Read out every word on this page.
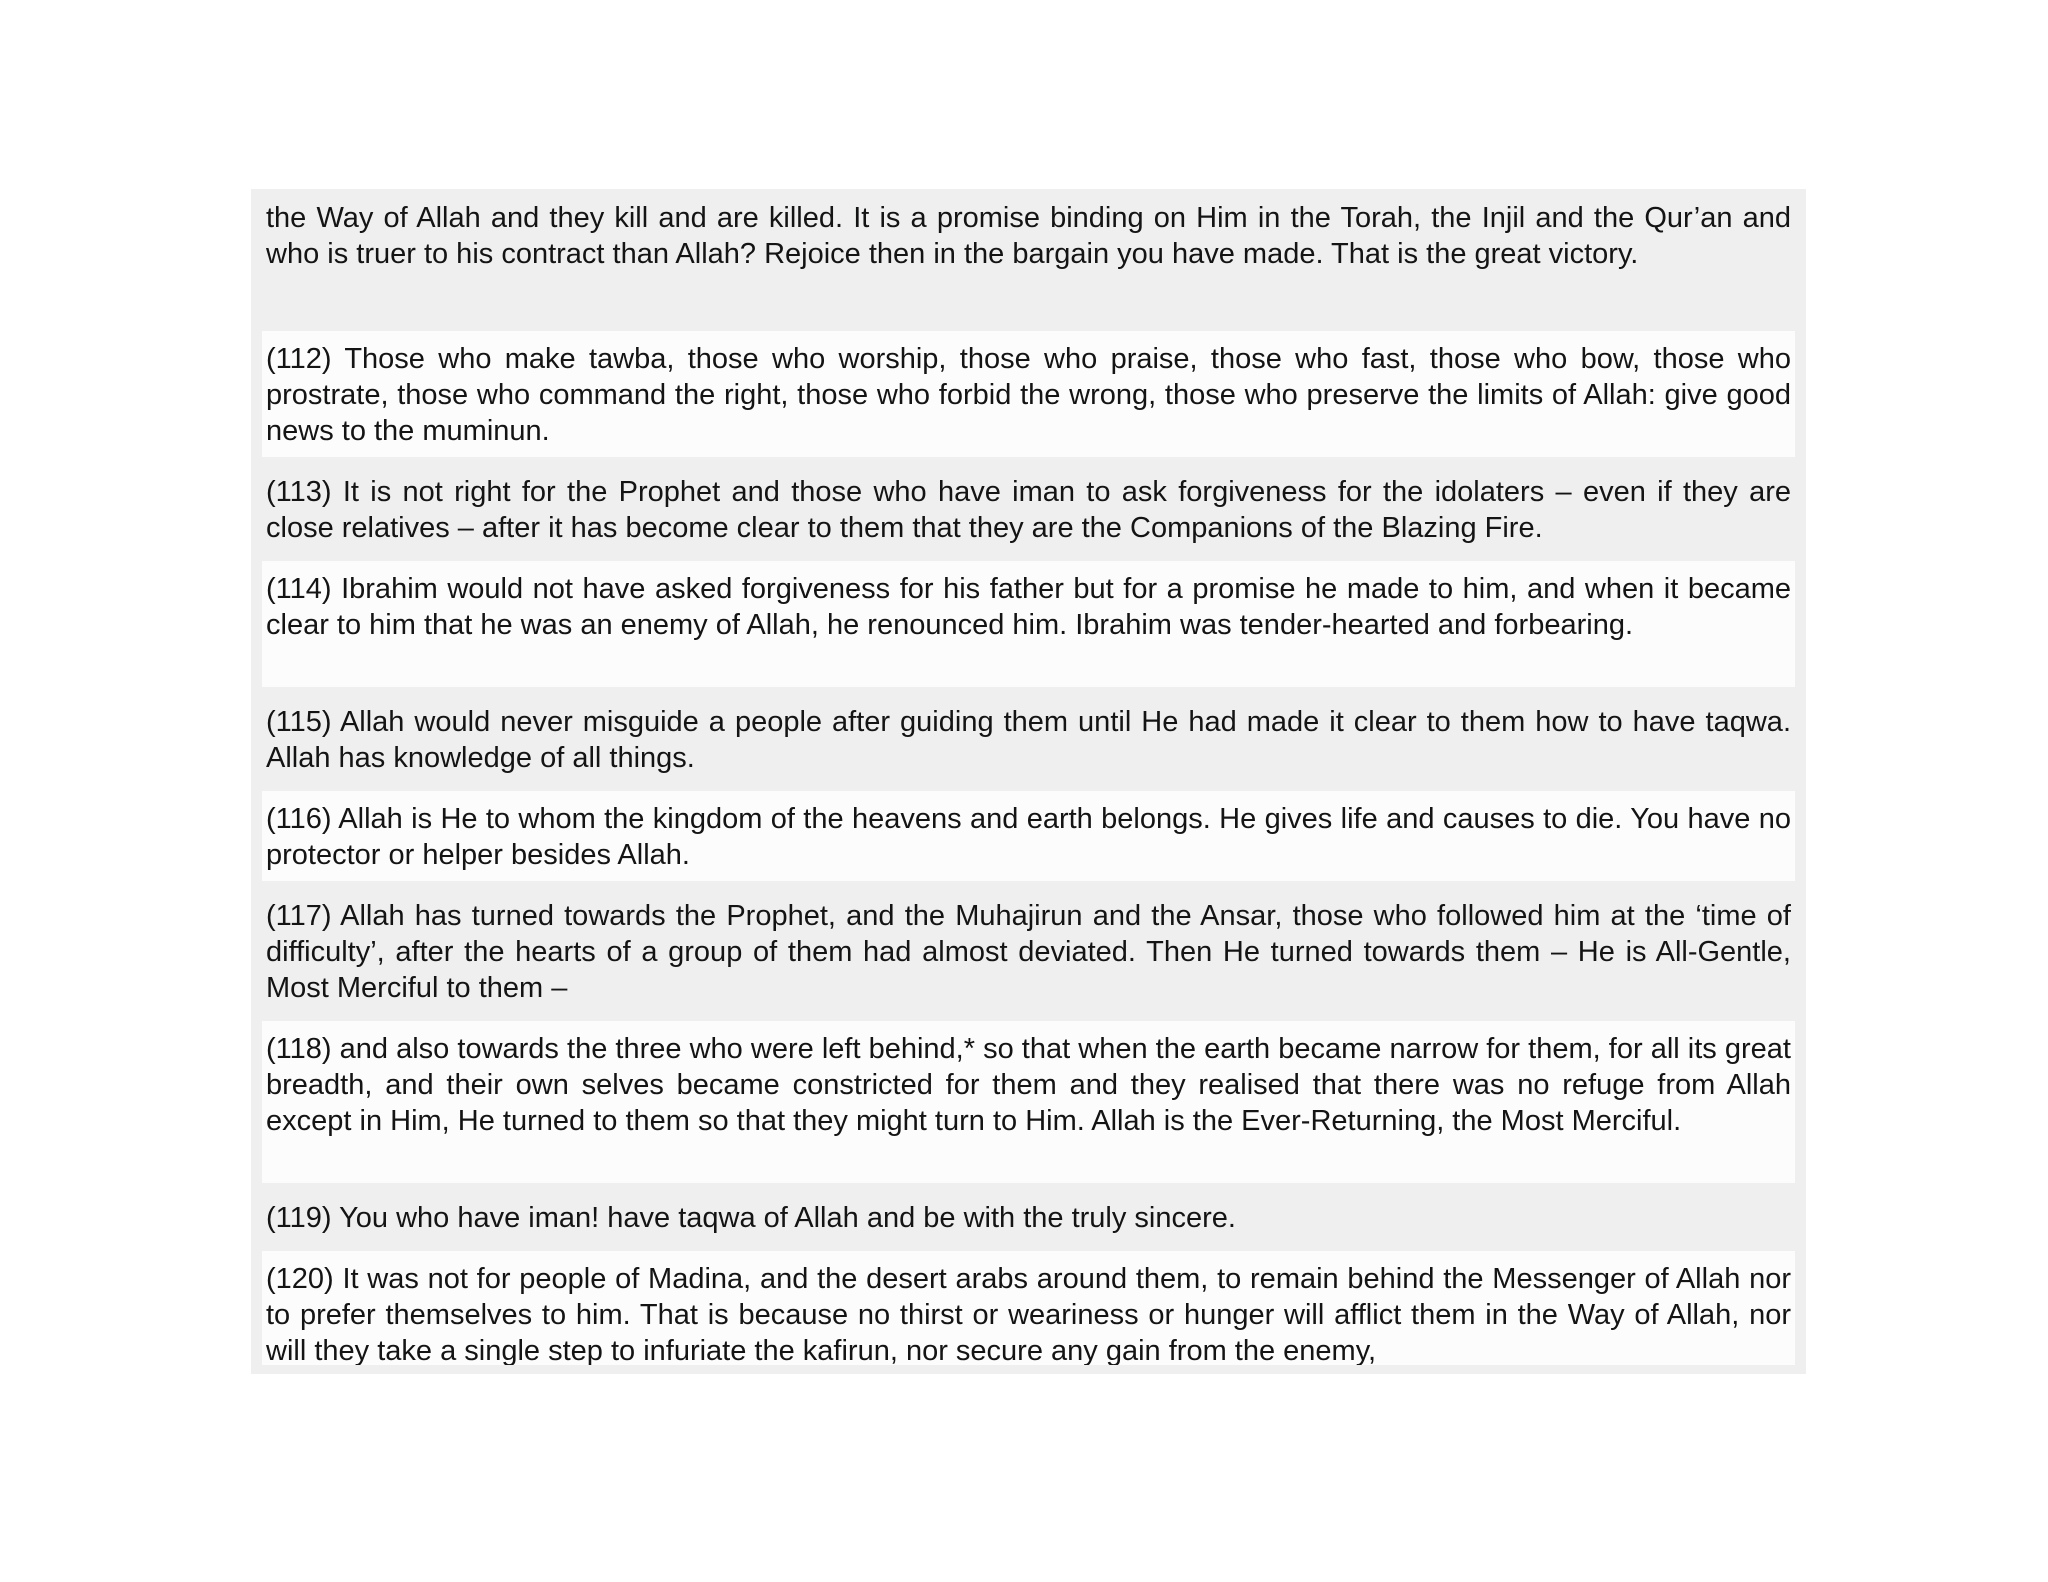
the Way of Allah and they kill and are killed. It is a promise binding on Him in the Torah, the Injil and the Qur’an and who is truer to his contract than Allah? Rejoice then in the bargain you have made. That is the great victory.

(112) Those who make tawba, those who worship, those who praise, those who fast, those who bow, those who prostrate, those who command the right, those who forbid the wrong, those who preserve the limits of Allah: give good news to the muminun.

(113) It is not right for the Prophet and those who have iman to ask forgiveness for the idolaters – even if they are close relatives – after it has become clear to them that they are the Companions of the Blazing Fire.

(114) Ibrahim would not have asked forgiveness for his father but for a promise he made to him, and when it became clear to him that he was an enemy of Allah, he renounced him. Ibrahim was tender-hearted and forbearing.

(115) Allah would never misguide a people after guiding them until He had made it clear to them how to have taqwa. Allah has knowledge of all things.

(116) Allah is He to whom the kingdom of the heavens and earth belongs. He gives life and causes to die. You have no protector or helper besides Allah.

(117) Allah has turned towards the Prophet, and the Muhajirun and the Ansar, those who followed him at the ‘time of difficulty’, after the hearts of a group of them had almost deviated. Then He turned towards them – He is All-Gentle, Most Merciful to them –

(118) and also towards the three who were left behind,* so that when the earth became narrow for them, for all its great breadth, and their own selves became constricted for them and they realised that there was no refuge from Allah except in Him, He turned to them so that they might turn to Him. Allah is the Ever-Returning, the Most Merciful.

(119) You who have iman! have taqwa of Allah and be with the truly sincere.

(120) It was not for people of Madina, and the desert arabs around them, to remain behind the Messenger of Allah nor to prefer themselves to him. That is because no thirst or weariness or hunger will afflict them in the Way of Allah, nor will they take a single step to infuriate the kafirun, nor secure any gain from the enemy,
